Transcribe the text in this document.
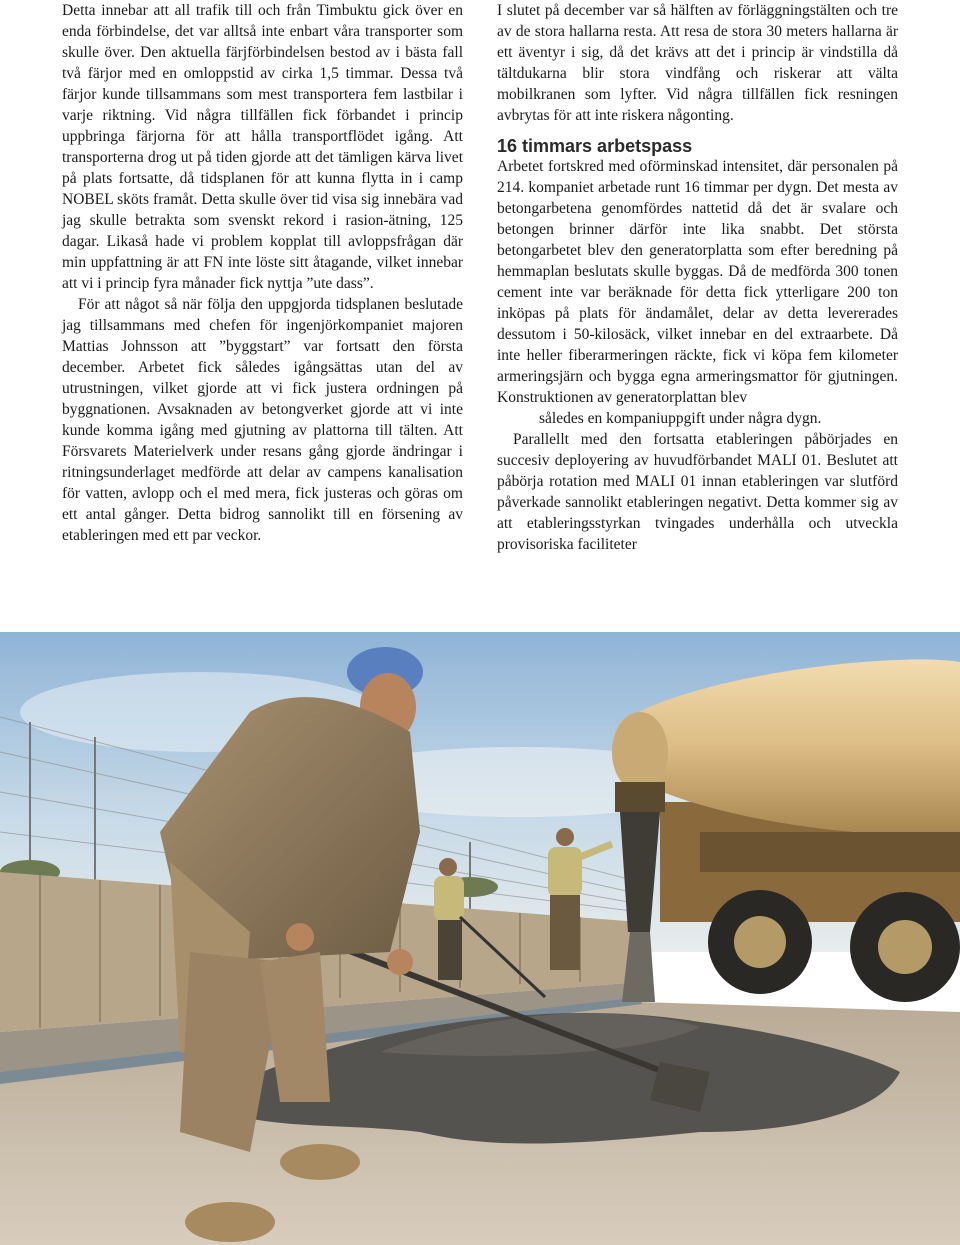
Detta innebar att all trafik till och från Timbuktu gick över en enda förbindelse, det var alltså inte enbart våra transporter som skulle över. Den aktuella färjförbindelsen bestod av i bästa fall två färjor med en omloppstid av cirka 1,5 timmar. Dessa två färjor kunde tillsammans som mest transportera fem lastbilar i varje riktning. Vid några tillfällen fick förbandet i princip uppbringa färjorna för att hålla transportflödet igång. Att transporterna drog ut på tiden gjorde att det tämligen kärva livet på plats fortsatte, då tidsplanen för att kunna flytta in i camp NOBEL sköts framåt. Detta skulle över tid visa sig innebära vad jag skulle betrakta som svenskt rekord i rasion-ätning, 125 dagar. Likaså hade vi problem kopplat till avloppsfrågan där min uppfattning är att FN inte löste sitt åtagande, vilket innebar att vi i princip fyra månader fick nyttja ”ute dass”.

För att något så när följa den uppgjorda tidsplanen beslutade jag tillsammans med chefen för ingenjörkompaniet majoren Mattias Johnsson att ”byggstart” var fortsatt den första december. Arbetet fick således igångsättas utan del av utrustningen, vilket gjorde att vi fick justera ordningen på byggnationen. Avsaknaden av betongverket gjorde att vi inte kunde komma igång med gjutning av plattorna till tälten. Att Försvarets Materielverk under resans gång gjorde ändringar i ritningsunderlaget medförde att delar av campens kanalisation för vatten, avlopp och el med mera, fick justeras och göras om ett antal gånger. Detta bidrog sannolikt till en försening av etableringen med ett par veckor.

I slutet på december var så hälften av förläggningstälten och tre av de stora hallarna resta. Att resa de stora 30 meters hallarna är ett äventyr i sig, då det krävs att det i princip är vindstilla då tältdukarna blir stora vindfång och riskerar att välta mobilkranen som lyfter. Vid några tillfällen fick resningen avbrytas för att inte riskera någonting.

16 timmars arbetspass

Arbetet fortskred med oförminskad intensitet, där personalen på 214. kompaniet arbetade runt 16 timmar per dygn. Det mesta av betongarbetena genomfördes nattetid då det är svalare och betongen brinner därför inte lika snabbt. Det största betongarbetet blev den generatorplatta som efter beredning på hemmaplan beslutats skulle byggas. Då de medförda 300 tonen cement inte var beräknade för detta fick ytterligare 200 ton inköpas på plats för ändamålet, delar av detta levererades dessutom i 50-kilosäck, vilket innebar en del extraarbete. Då inte heller fiberarmeringen räckte, fick vi köpa fem kilometer armeringsjärn och bygga egna armeringsmattor för gjutningen. Konstruktionen av generatorplattan blev

således en kompaniuppgift under några dygn.

Parallellt med den fortsatta etableringen påbörjades en succesiv deployering av huvudförbandet MALI 01. Beslutet att påbörja rotation med MALI 01 innan etableringen var slutförd påverkade sannolikt etableringen negativt. Detta kommer sig av att etableringsstyrkan tvingades underhålla och utveckla provisoriska faciliteter
